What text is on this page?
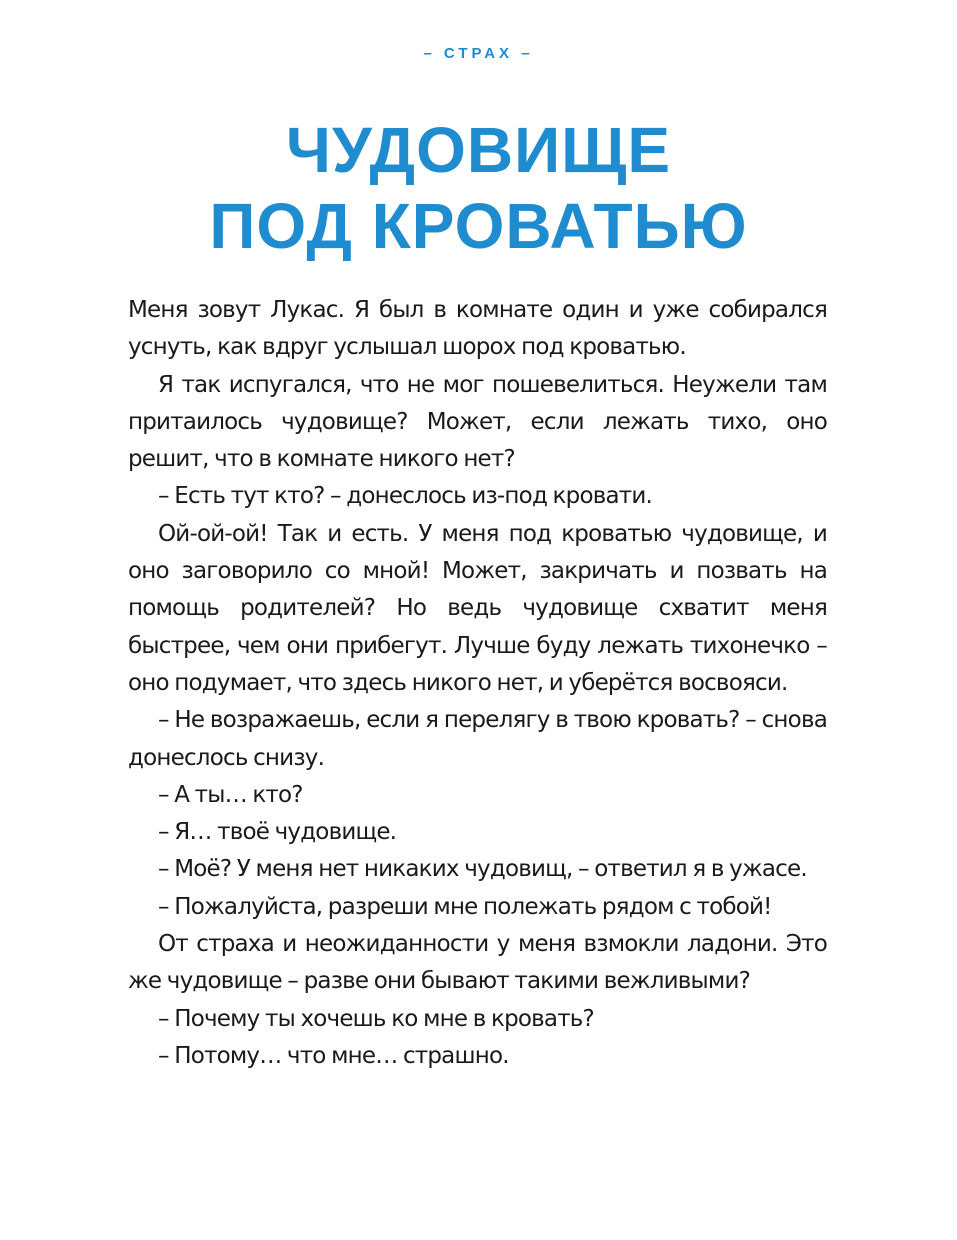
– СТРАХ –
ЧУДОВИЩЕ
ПОД КРОВАТЬЮ

Меня зовут Лукас. Я был в комнате один и уже собирался уснуть, как вдруг услышал шорох под кроватью.

Я так испугался, что не мог пошевелиться. Неужели там притаилось чудовище? Может, если лежать тихо, оно решит, что в комнате никого нет?

– Есть тут кто? – донеслось из-под кровати.

Ой-ой-ой! Так и есть. У меня под кроватью чудовище, и оно заговорило со мной! Может, закричать и позвать на помощь родителей? Но ведь чудовище схватит меня быстрее, чем они прибегут. Лучше буду лежать тихонечко – оно подумает, что здесь никого нет, и уберётся восвояси.

– Не возражаешь, если я перелягу в твою кровать? – снова донеслось снизу.

– А ты… кто?

– Я… твоё чудовище.

– Моё? У меня нет никаких чудовищ, – ответил я в ужасе.

– Пожалуйста, разреши мне полежать рядом с тобой!

От страха и неожиданности у меня взмокли ладони. Это же чудовище – разве они бывают такими вежливыми?

– Почему ты хочешь ко мне в кровать?

– Потому… что мне… страшно.
